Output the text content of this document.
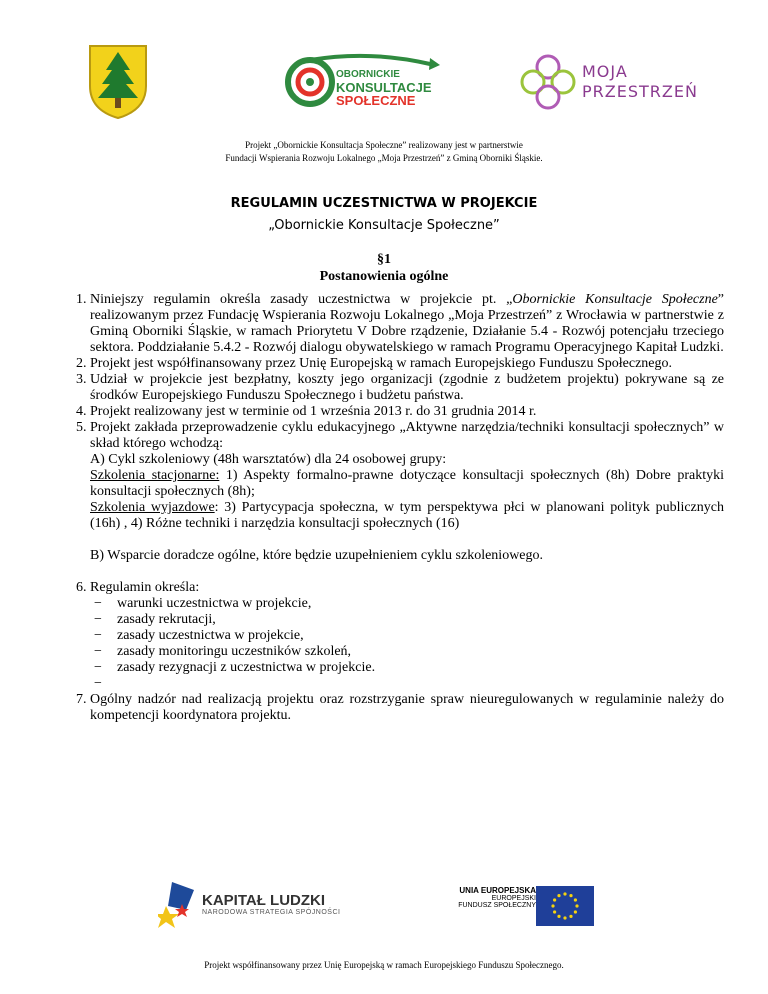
OBORNICKIE
KONSULTACJE
SPOŁECZNE
MOJA
PRZESTRZEŃ
Projekt „Obornickie Konsultacja Społeczne” realizowany jest w partnerstwie
Fundacji Wspierania Rozwoju Lokalnego „Moja Przestrzeń” z Gminą Oborniki Śląskie.
REGULAMIN UCZESTNICTWA W PROJEKCIE
„Obornickie Konsultacje Społeczne”
§1
Postanowienia ogólne
1. Niniejszy regulamin określa zasady uczestnictwa w projekcie pt. „Obornickie Konsultacje Społeczne” realizowanym przez Fundację Wspierania Rozwoju Lokalnego „Moja Przestrzeń” z Wrocławia w partnerstwie z Gminą Oborniki Śląskie, w ramach Priorytetu V Dobre rządzenie, Działanie 5.4 - Rozwój potencjału trzeciego sektora. Poddziałanie 5.4.2 - Rozwój dialogu obywatelskiego w ramach Programu Operacyjnego Kapitał Ludzki.
2. Projekt jest współfinansowany przez Unię Europejską w ramach Europejskiego Funduszu Społecznego.
3. Udział w projekcie jest bezpłatny, koszty jego organizacji (zgodnie z budżetem projektu) pokrywane są ze środków Europejskiego Funduszu Społecznego i budżetu państwa.
4. Projekt realizowany jest w terminie od 1 września 2013 r. do 31 grudnia 2014 r.
5. Projekt zakłada przeprowadzenie cyklu edukacyjnego „Aktywne narzędzia/techniki konsultacji społecznych” w skład którego wchodzą:
A) Cykl szkoleniowy (48h warsztatów) dla 24 osobowej grupy:
Szkolenia stacjonarne: 1) Aspekty formalno-prawne dotyczące konsultacji społecznych (8h) Dobre praktyki konsultacji społecznych (8h);
Szkolenia wyjazdowe: 3) Partycypacja społeczna, w tym perspektywa płci w planowani polityk publicznych (16h) , 4) Różne techniki i narzędzia konsultacji społecznych (16)
B) Wsparcie doradcze ogólne, które będzie uzupełnieniem cyklu szkoleniowego.
6. Regulamin określa:
− warunki uczestnictwa w projekcie,
− zasady rekrutacji,
− zasady uczestnictwa w projekcie,
− zasady monitoringu uczestników szkoleń,
− zasady rezygnacji z uczestnictwa w projekcie.
−

7. Ogólny nadzór nad realizacją projektu oraz rozstrzyganie spraw nieuregulowanych w regulaminie należy do kompetencji koordynatora projektu.
KAPITAŁ LUDZKI
NARODOWA STRATEGIA SPÓJNOŚCI
UNIA EUROPEJSKA
EUROPEJSKI
FUNDUSZ SPOŁECZNY
Projekt współfinansowany przez Unię Europejską w ramach Europejskiego Funduszu Społecznego.
